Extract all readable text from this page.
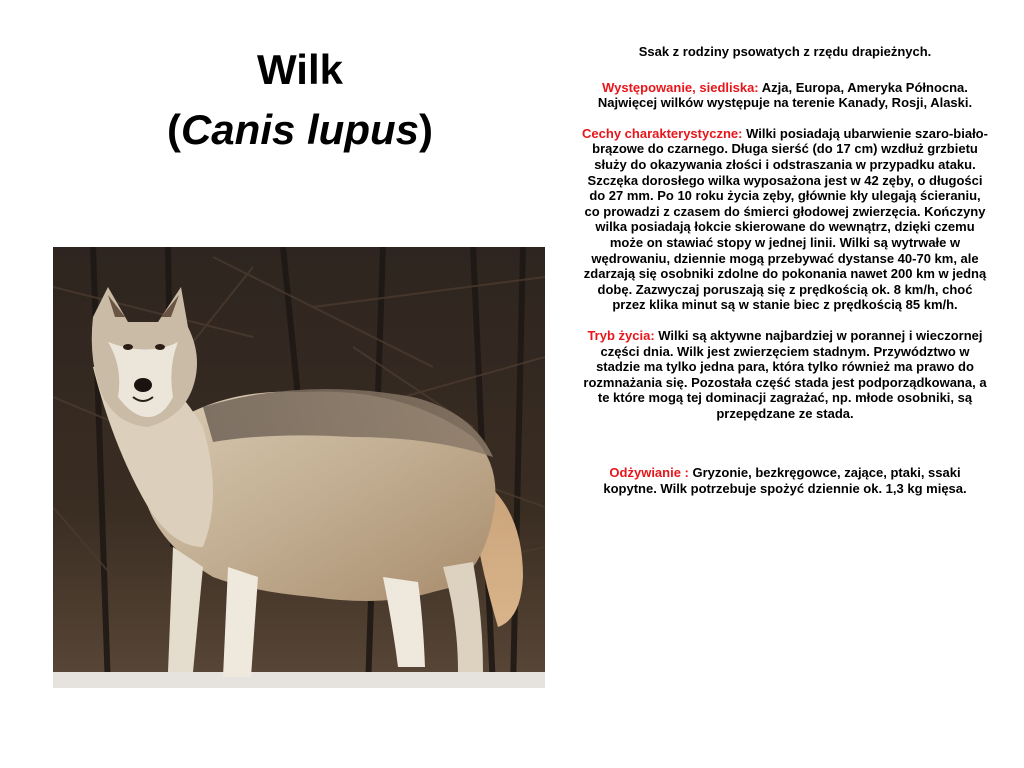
Wilk
(Canis lupus)

Ssak z rodziny psowatych z rzędu drapieżnych.

Występowanie, siedliska: Azja, Europa, Ameryka Północna. Najwięcej wilków występuje na terenie Kanady, Rosji, Alaski.

Cechy charakterystyczne: Wilki posiadają ubarwienie szaro-biało-brązowe do czarnego. Długa sierść (do 17 cm) wzdłuż grzbietu służy do okazywania złości i odstraszania w przypadku ataku. Szczęka dorosłego wilka wyposażona jest w 42 zęby, o długości do 27 mm. Po 10 roku życia zęby, głównie kły ulegają ścieraniu, co prowadzi z czasem do śmierci głodowej zwierzęcia. Kończyny wilka posiadają łokcie skierowane do wewnątrz, dzięki czemu może on stawiać stopy w jednej linii. Wilki są wytrwałe w wędrowaniu, dziennie mogą przebywać dystanse 40-70 km, ale zdarzają się osobniki zdolne do pokonania nawet 200 km w jedną dobę. Zazwyczaj poruszają się z prędkością ok. 8 km/h, choć przez klika minut są w stanie biec z prędkością 85 km/h.

Tryb życia: Wilki są aktywne najbardziej w porannej i wieczornej części dnia. Wilk jest zwierzęciem stadnym. Przywództwo w stadzie ma tylko jedna para, która tylko również ma prawo do rozmnażania się. Pozostała część stada jest podporządkowana, a te które mogą tej dominacji zagrażać, np. młode osobniki, są przepędzane ze stada.

Odżywianie : Gryzonie, bezkręgowce, zające, ptaki, ssaki kopytne. Wilk potrzebuje spożyć dziennie ok. 1,3 kg mięsa.
